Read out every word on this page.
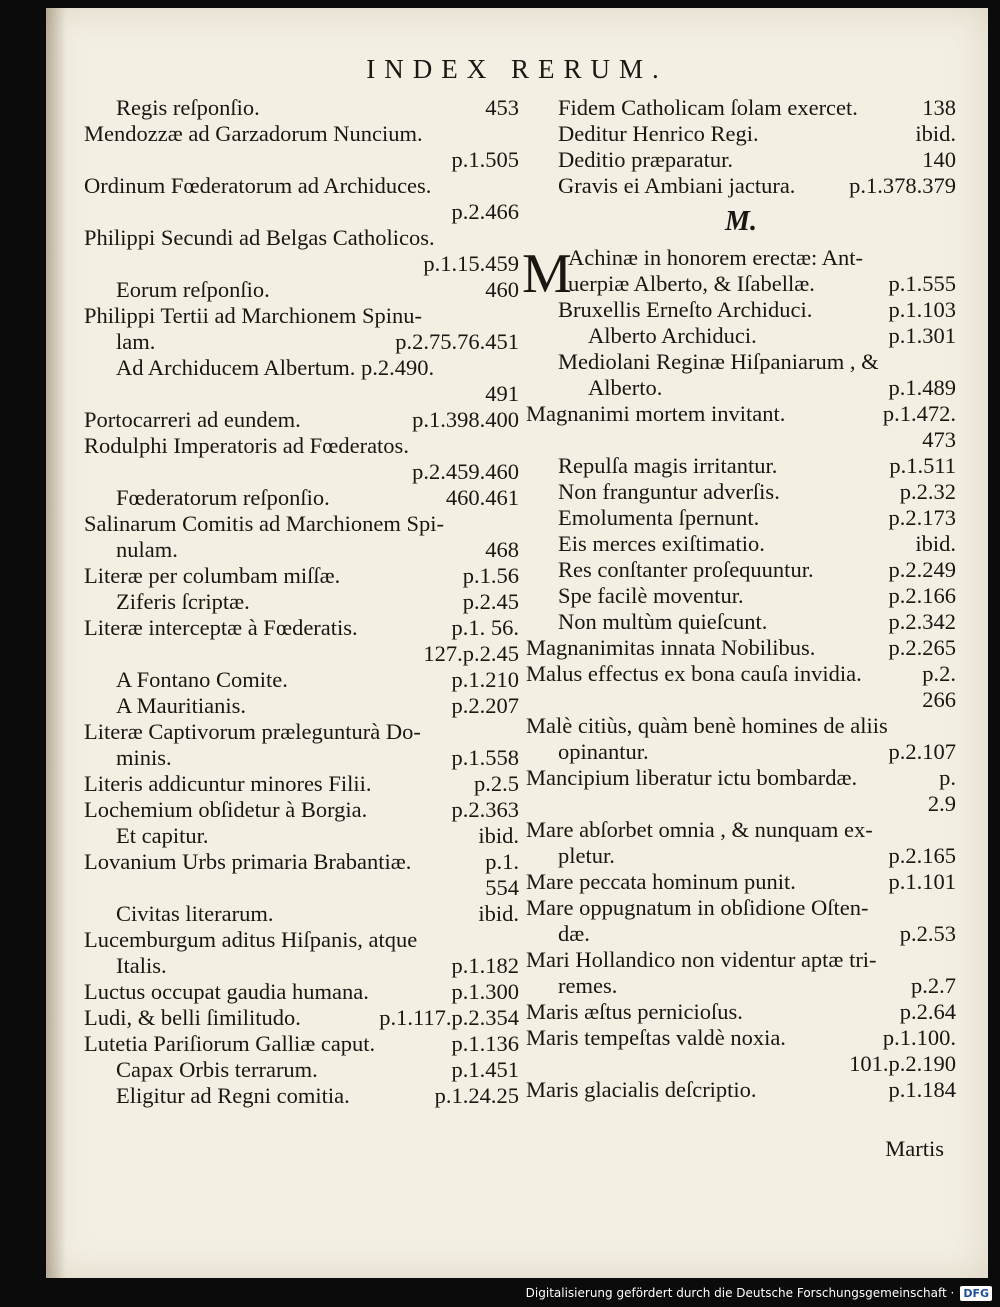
INDEX RERUM.
Regis reſponſio.	453
Mendozzæ ad Garzadorum Nuncium.
p.1.505
Ordinum Fœderatorum ad Archiduces.
p.2.466
Philippi Secundi ad Belgas Catholicos.
p.1.15.459
Eorum reſponſio.	460
Philippi Tertii ad Marchionem Spinu-
lam.	p.2.75.76.451
Ad Archiducem Albertum. p.2.490.
491
Portocarreri ad eundem.	p.1.398.400
Rodulphi Imperatoris ad Fœderatos.
p.2.459.460
Fœderatorum reſponſio.	460.461
Salinarum Comitis ad Marchionem Spi-
nulam.	468
Literæ per columbam miſſæ.	p.1.56
Ziferis ſcriptæ.	p.2.45
Literæ interceptæ à Fœderatis.	p.1. 56.
127.p.2.45
A Fontano Comite.	p.1.210
A Mauritianis.	p.2.207
Literæ Captivorum prælegunturà Do-
minis.	p.1.558
Literis addicuntur minores Filii.	p.2.5
Lochemium obſidetur à Borgia.	p.2.363
Et capitur.	ibid.
Lovanium Urbs primaria Brabantiæ.	p.1.
554
Civitas literarum.	ibid.
Lucemburgum aditus Hiſpanis, atque
Italis.	p.1.182
Luctus occupat gaudia humana.	p.1.300
Ludi, & belli ſimilitudo.	p.1.117.p.2.354
Lutetia Pariſiorum Galliæ caput.	p.1.136
Capax Orbis terrarum.	p.1.451
Eligitur ad Regni comitia.	p.1.24.25
Fidem Catholicam ſolam exercet.	138
Deditur Henrico Regi.	ibid.
Deditio præparatur.	140
Gravis ei Ambiani jactura. p.1.378.379
M.
M
Achinæ in honorem erectæ: Ant-
uerpiæ Alberto, & Iſabellæ.	p.1.555
Bruxellis Erneſto Archiduci.	p.1.103
Alberto Archiduci.	p.1.301
Mediolani Reginæ Hiſpaniarum , &
Alberto.	p.1.489
Magnanimi mortem invitant.	p.1.472.
473
Repulſa magis irritantur.	p.1.511
Non franguntur adverſis.	p.2.32
Emolumenta ſpernunt.	p.2.173
Eis merces exiſtimatio.	ibid.
Res conſtanter proſequuntur.	p.2.249
Spe facilè moventur.	p.2.166
Non multùm quieſcunt.	p.2.342
Magnanimitas innata Nobilibus.	p.2.265
Malus effectus ex bona cauſa invidia.	p.2.
266
Malè citiùs, quàm benè homines de aliis
opinantur.	p.2.107
Mancipium liberatur ictu bombardæ.	p.
2.9
Mare abſorbet omnia , & nunquam ex-
pletur.	p.2.165
Mare peccata hominum punit.	p.1.101
Mare oppugnatum in obſidione Oſten-
dæ.	p.2.53
Mari Hollandico non videntur aptæ tri-
remes.	p.2.7
Maris æſtus pernicioſus.	p.2.64
Maris tempeſtas valdè noxia.	p.1.100.
101.p.2.190
Maris glacialis deſcriptio.	p.1.184
Martis
Digitalisierung gefördert durch die Deutsche Forschungsgemeinschaft · DFG
